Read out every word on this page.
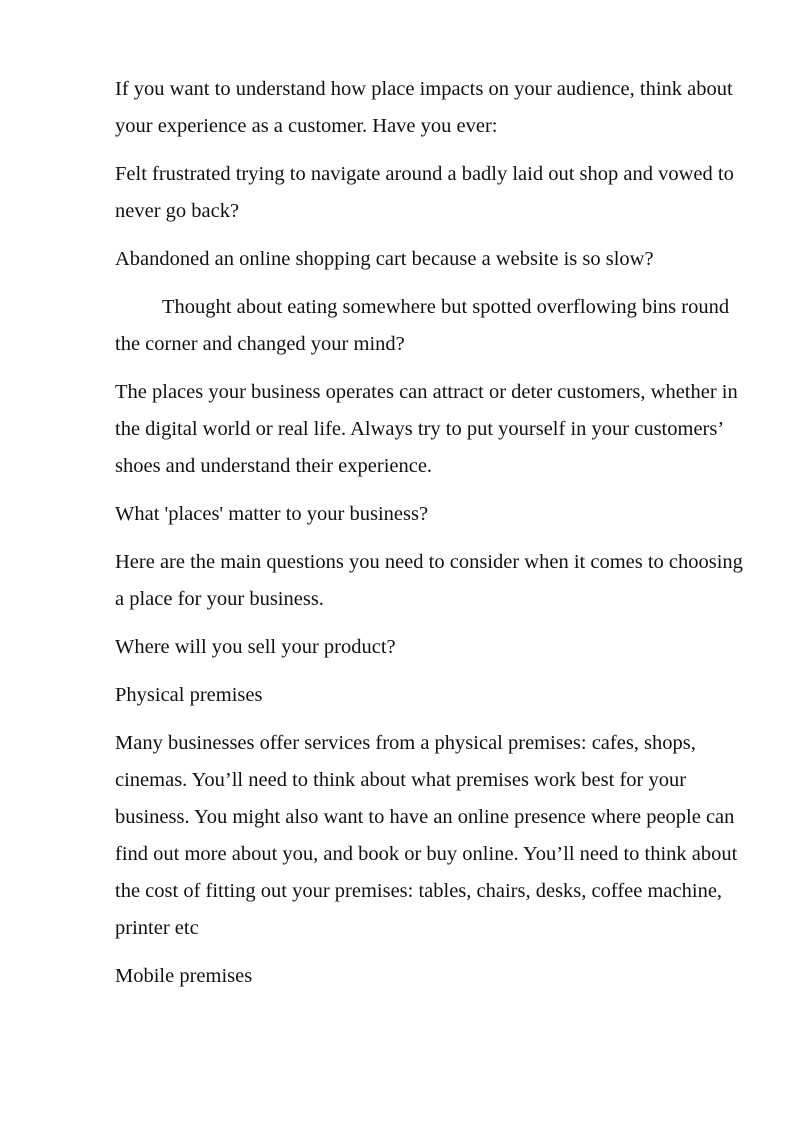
If you want to understand how place impacts on your audience, think about your experience as a customer. Have you ever:

Felt frustrated trying to navigate around a badly laid out shop and vowed to never go back?

Abandoned an online shopping cart because a website is so slow?

Thought about eating somewhere but spotted overflowing bins round the corner and changed your mind?

The places your business operates can attract or deter customers, whether in the digital world or real life. Always try to put yourself in your customers’ shoes and understand their experience.

What 'places' matter to your business?

Here are the main questions you need to consider when it comes to choosing a place for your business.

Where will you sell your product?

Physical premises

Many businesses offer services from a physical premises: cafes, shops, cinemas. You’ll need to think about what premises work best for your business. You might also want to have an online presence where people can find out more about you, and book or buy online. You’ll need to think about the cost of fitting out your premises: tables, chairs, desks, coffee machine, printer etc

Mobile premises
